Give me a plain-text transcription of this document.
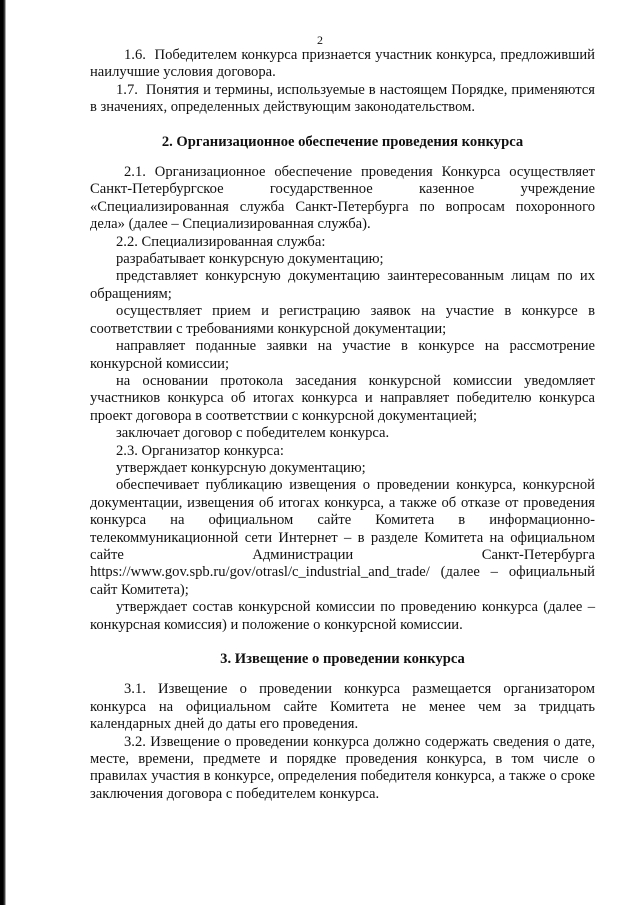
2

1.6.  Победителем конкурса признается участник конкурса, предложивший наилучшие условия договора.

1.7.  Понятия и термины, используемые в настоящем Порядке, применяются в значениях, определенных действующим законодательством.

2. Организационное обеспечение проведения конкурса

2.1. Организационное обеспечение проведения Конкурса осуществляет Санкт-Петербургское государственное казенное учреждение «Специализированная служба Санкт-Петербурга по вопросам похоронного дела» (далее – Специализированная служба).

2.2. Специализированная служба:

разрабатывает конкурсную документацию;

представляет конкурсную документацию заинтересованным лицам по их обращениям;

осуществляет прием и регистрацию заявок на участие в конкурсе в соответствии с требованиями конкурсной документации;

направляет поданные заявки на участие в конкурсе на рассмотрение конкурсной комиссии;

на основании протокола заседания конкурсной комиссии уведомляет участников конкурса об итогах конкурса и направляет победителю конкурса проект договора в соответствии с конкурсной документацией;

заключает договор с победителем конкурса.

2.3. Организатор конкурса:

утверждает конкурсную документацию;

обеспечивает публикацию извещения о проведении конкурса, конкурсной документации, извещения об итогах конкурса, а также об отказе от проведения конкурса на официальном сайте Комитета в информационно-телекоммуникационной сети Интернет – в разделе Комитета на официальном сайте Администрации Санкт-Петербурга https://www.gov.spb.ru/gov/otrasl/c_industrial_and_trade/ (далее – официальный сайт Комитета);

утверждает состав конкурсной комиссии по проведению конкурса (далее – конкурсная комиссия) и положение о конкурсной комиссии.

3. Извещение о проведении конкурса

3.1. Извещение о проведении конкурса размещается организатором конкурса на официальном сайте Комитета не менее чем за тридцать календарных дней до даты его проведения.

3.2. Извещение о проведении конкурса должно содержать сведения о дате, месте, времени, предмете и порядке проведения конкурса, в том числе о правилах участия в конкурсе, определения победителя конкурса, а также о сроке заключения договора с победителем конкурса.
